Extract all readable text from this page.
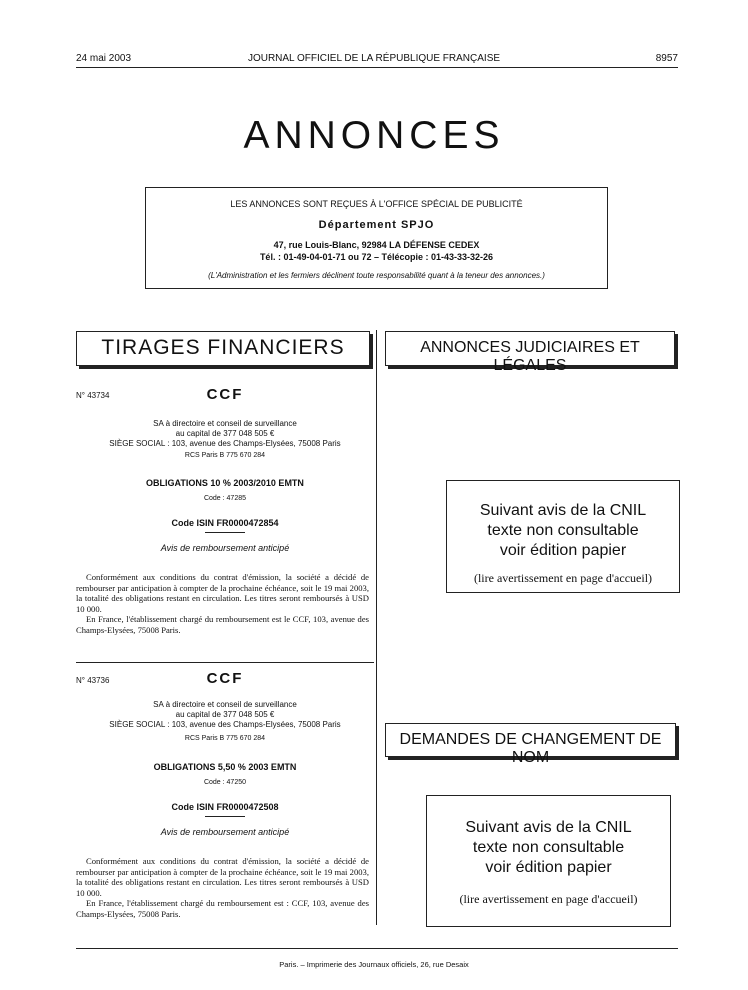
24 mai 2003	JOURNAL OFFICIEL DE LA RÉPUBLIQUE FRANÇAISE	8957
ANNONCES
LES ANNONCES SONT REÇUES À L'OFFICE SPÉCIAL DE PUBLICITÉ
Département SPJO
47, rue Louis-Blanc, 92984 LA DÉFENSE CEDEX
Tél. : 01-49-04-01-71 ou 72 – Télécopie : 01-43-33-32-26
(L'Administration et les fermiers déclinent toute responsabilité quant à la teneur des annonces.)
TIRAGES FINANCIERS	ANNONCES JUDICIAIRES ET LÉGALES
DEMANDES DE CHANGEMENT DE NOM
N° 43734	CCF
SA à directoire et conseil de surveillance
au capital de 377 048 505 €
SIÈGE SOCIAL : 103, avenue des Champs-Elysées, 75008 Paris
RCS Paris B 775 670 284
OBLIGATIONS 10 % 2003/2010 EMTN
Code : 47285
Code ISIN FR0000472854
Avis de remboursement anticipé

Conformément aux conditions du contrat d'émission, la société a décidé de rembourser par anticipation à compter de la prochaine échéance, soit le 19 mai 2003, la totalité des obligations restant en circulation. Les titres seront remboursés à USD 10 000.

En France, l'établissement chargé du remboursement est le CCF, 103, avenue des Champs-Elysées, 75008 Paris.

N° 43736	CCF
SA à directoire et conseil de surveillance
au capital de 377 048 505 €
SIÈGE SOCIAL : 103, avenue des Champs-Elysées, 75008 Paris
RCS Paris B 775 670 284
OBLIGATIONS 5,50 % 2003 EMTN
Code : 47250
Code ISIN FR0000472508
Avis de remboursement anticipé

Conformément aux conditions du contrat d'émission, la société a décidé de rembourser par anticipation à compter de la prochaine échéance, soit le 19 mai 2003, la totalité des obligations restant en circulation. Les titres seront remboursés à USD 10 000.

En France, l'établissement chargé du remboursement est : CCF, 103, avenue des Champs-Elysées, 75008 Paris.

Suivant avis de la CNIL
texte non consultable
voir édition papier
(lire avertissement en page d'accueil)
Suivant avis de la CNIL
texte non consultable
voir édition papier
(lire avertissement en page d'accueil)
Paris. – Imprimerie des Journaux officiels, 26, rue Desaix
